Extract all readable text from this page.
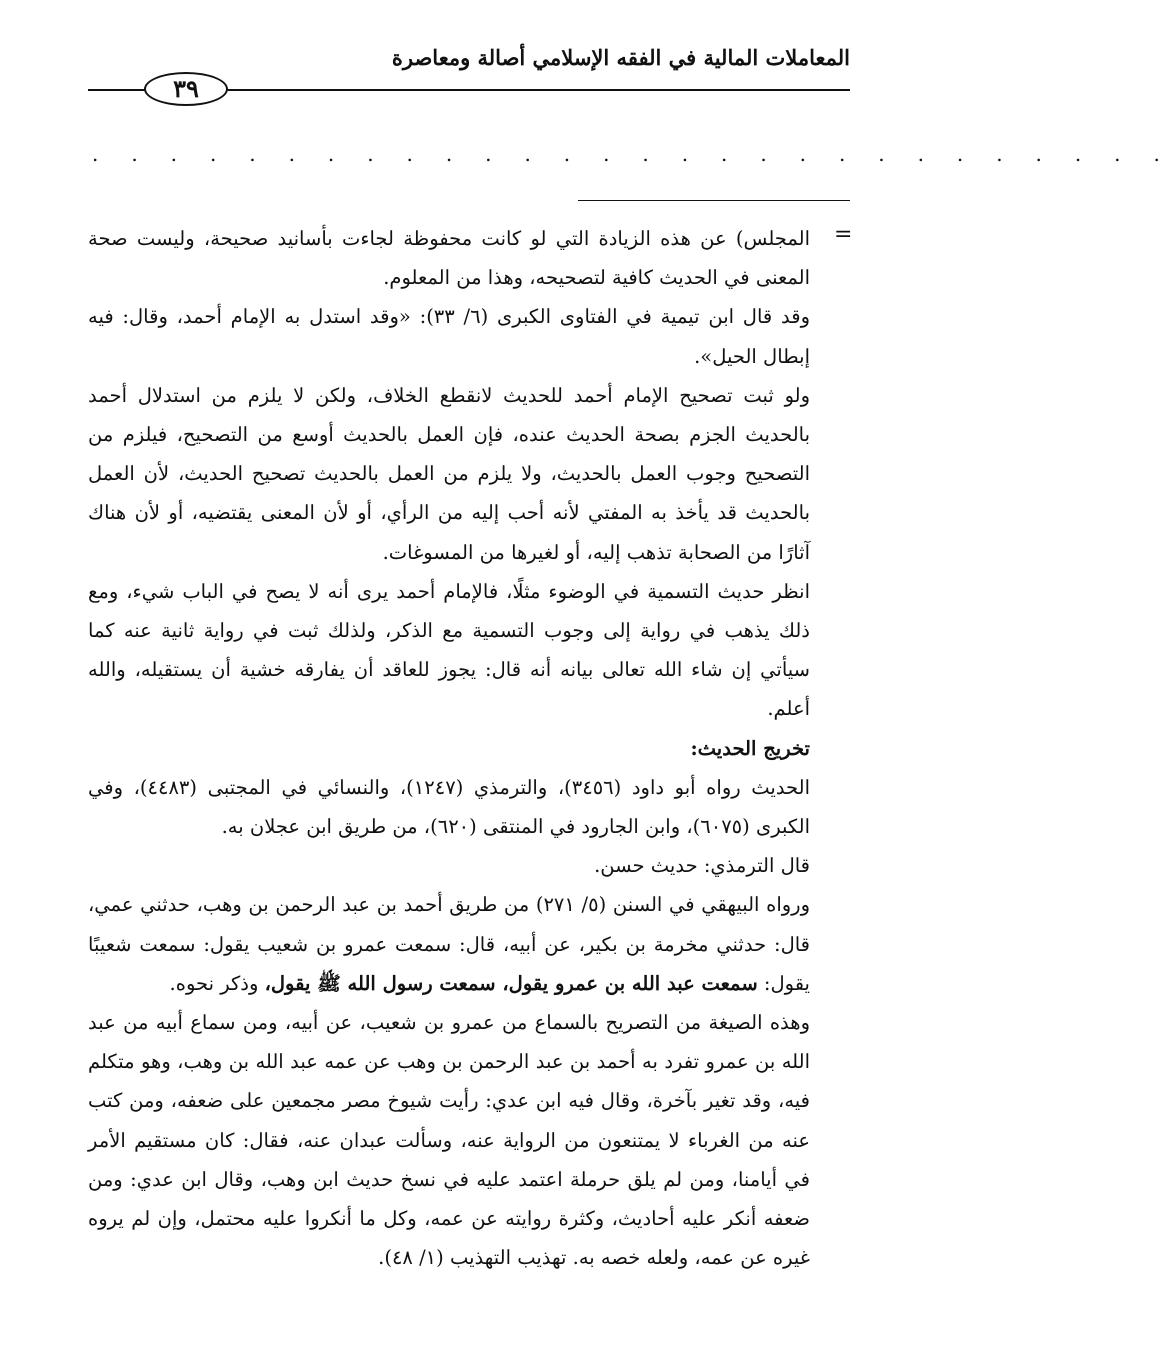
المعاملات المالية في الفقه الإسلامي أصالة ومعاصرة
٣٩
. . . . . . . . . . . . . . . . . . . . . . . . . . . .
=

المجلس) عن هذه الزيادة التي لو كانت محفوظة لجاءت بأسانيد صحيحة، وليست صحة المعنى في الحديث كافية لتصحيحه، وهذا من المعلوم.

وقد قال ابن تيمية في الفتاوى الكبرى (٦/ ٣٣): «وقد استدل به الإمام أحمد، وقال: فيه إبطال الحيل».

ولو ثبت تصحيح الإمام أحمد للحديث لانقطع الخلاف، ولكن لا يلزم من استدلال أحمد بالحديث الجزم بصحة الحديث عنده، فإن العمل بالحديث أوسع من التصحيح، فيلزم من التصحيح وجوب العمل بالحديث، ولا يلزم من العمل بالحديث تصحيح الحديث، لأن العمل بالحديث قد يأخذ به المفتي لأنه أحب إليه من الرأي، أو لأن المعنى يقتضيه، أو لأن هناك آثارًا من الصحابة تذهب إليه، أو لغيرها من المسوغات.

انظر حديث التسمية في الوضوء مثلًا، فالإمام أحمد يرى أنه لا يصح في الباب شيء، ومع ذلك يذهب في رواية إلى وجوب التسمية مع الذكر، ولذلك ثبت في رواية ثانية عنه كما سيأتي إن شاء الله تعالى بيانه أنه قال: يجوز للعاقد أن يفارقه خشية أن يستقيله، والله أعلم.

تخريج الحديث:

الحديث رواه أبو داود (٣٤٥٦)، والترمذي (١٢٤٧)، والنسائي في المجتبى (٤٤٨٣)، وفي الكبرى (٦٠٧٥)، وابن الجارود في المنتقى (٦٢٠)، من طريق ابن عجلان به.

قال الترمذي: حديث حسن.

ورواه البيهقي في السنن (٥/ ٢٧١) من طريق أحمد بن عبد الرحمن بن وهب، حدثني عمي، قال: حدثني مخرمة بن بكير، عن أبيه، قال: سمعت عمرو بن شعيب يقول: سمعت شعيبًا يقول: سمعت عبد الله بن عمرو يقول، سمعت رسول الله ﷺ يقول، وذكر نحوه.

وهذه الصيغة من التصريح بالسماع من عمرو بن شعيب، عن أبيه، ومن سماع أبيه من عبد الله بن عمرو تفرد به أحمد بن عبد الرحمن بن وهب عن عمه عبد الله بن وهب، وهو متكلم فيه، وقد تغير بآخرة، وقال فيه ابن عدي: رأيت شيوخ مصر مجمعين على ضعفه، ومن كتب عنه من الغرباء لا يمتنعون من الرواية عنه، وسألت عبدان عنه، فقال: كان مستقيم الأمر في أيامنا، ومن لم يلق حرملة اعتمد عليه في نسخ حديث ابن وهب، وقال ابن عدي: ومن ضعفه أنكر عليه أحاديث، وكثرة روايته عن عمه، وكل ما أنكروا عليه محتمل، وإن لم يروه غيره عن عمه، ولعله خصه به. تهذيب التهذيب (١/ ٤٨).
